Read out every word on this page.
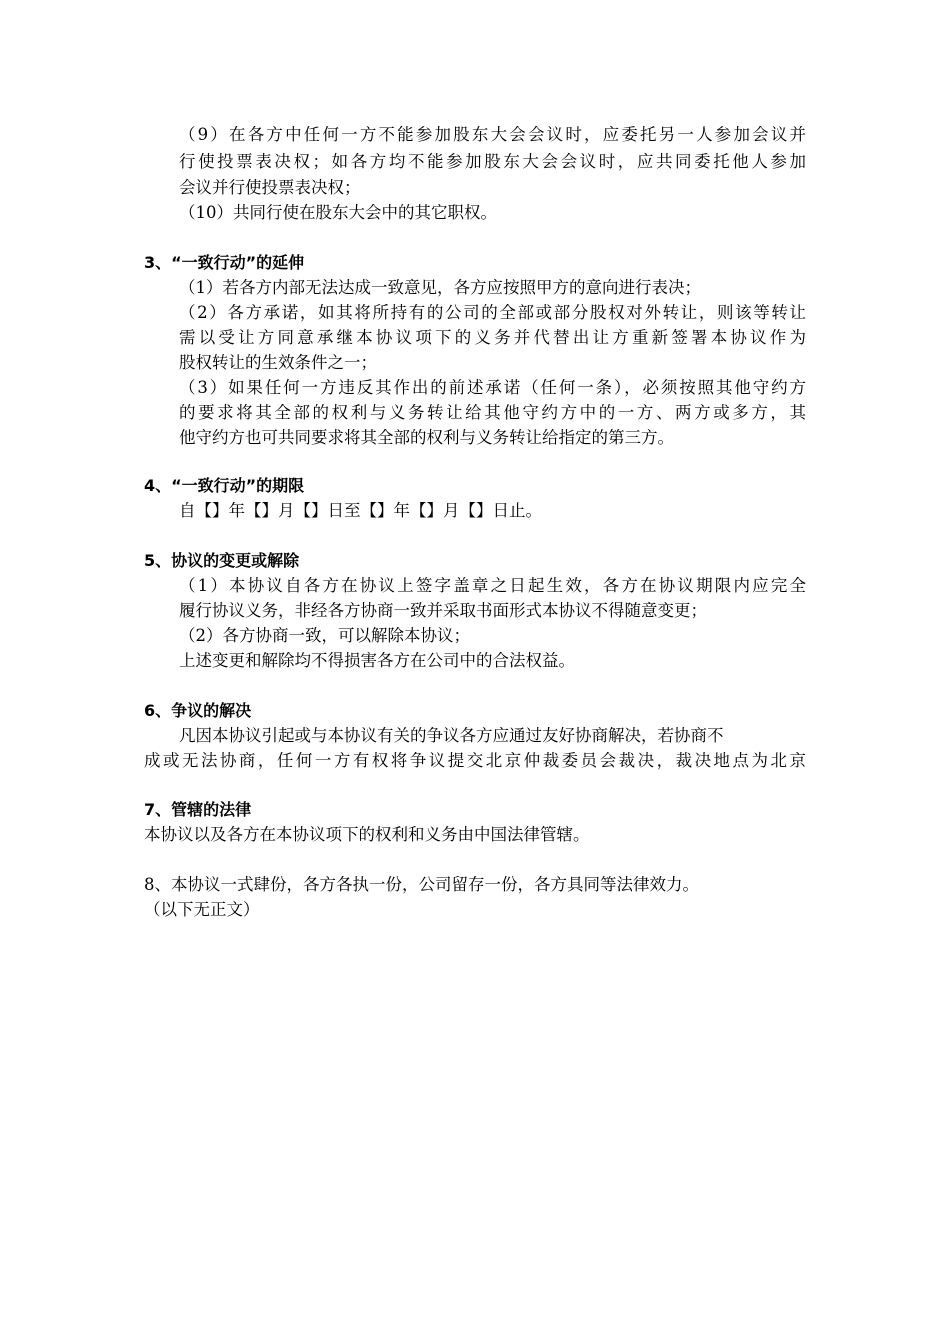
（9）在各方中任何一方不能参加股东大会会议时，应委托另一人参加会议并
行使投票表决权；如各方均不能参加股东大会会议时，应共同委托他人参加
会议并行使投票表决权；
（10）共同行使在股东大会中的其它职权。
3、“一致行动”的延伸
（1）若各方内部无法达成一致意见，各方应按照甲方的意向进行表决；
（2）各方承诺，如其将所持有的公司的全部或部分股权对外转让，则该等转让
需以受让方同意承继本协议项下的义务并代替出让方重新签署本协议作为
股权转让的生效条件之一；
（3）如果任何一方违反其作出的前述承诺（任何一条），必须按照其他守约方
的要求将其全部的权利与义务转让给其他守约方中的一方、两方或多方，其
他守约方也可共同要求将其全部的权利与义务转让给指定的第三方。
4、“一致行动”的期限
自【】年【】月【】日至【】年【】月【】日止。
5、协议的变更或解除
（1）本协议自各方在协议上签字盖章之日起生效，各方在协议期限内应完全
履行协议义务，非经各方协商一致并采取书面形式本协议不得随意变更；
（2）各方协商一致，可以解除本协议；
上述变更和解除均不得损害各方在公司中的合法权益。
6、争议的解决
凡因本协议引起或与本协议有关的争议各方应通过友好协商解决，若协商不
成或无法协商，任何一方有权将争议提交北京仲裁委员会裁决，裁决地点为北京
7、管辖的法律
本协议以及各方在本协议项下的权利和义务由中国法律管辖。
8、本协议一式肆份，各方各执一份，公司留存一份，各方具同等法律效力。
（以下无正文）
